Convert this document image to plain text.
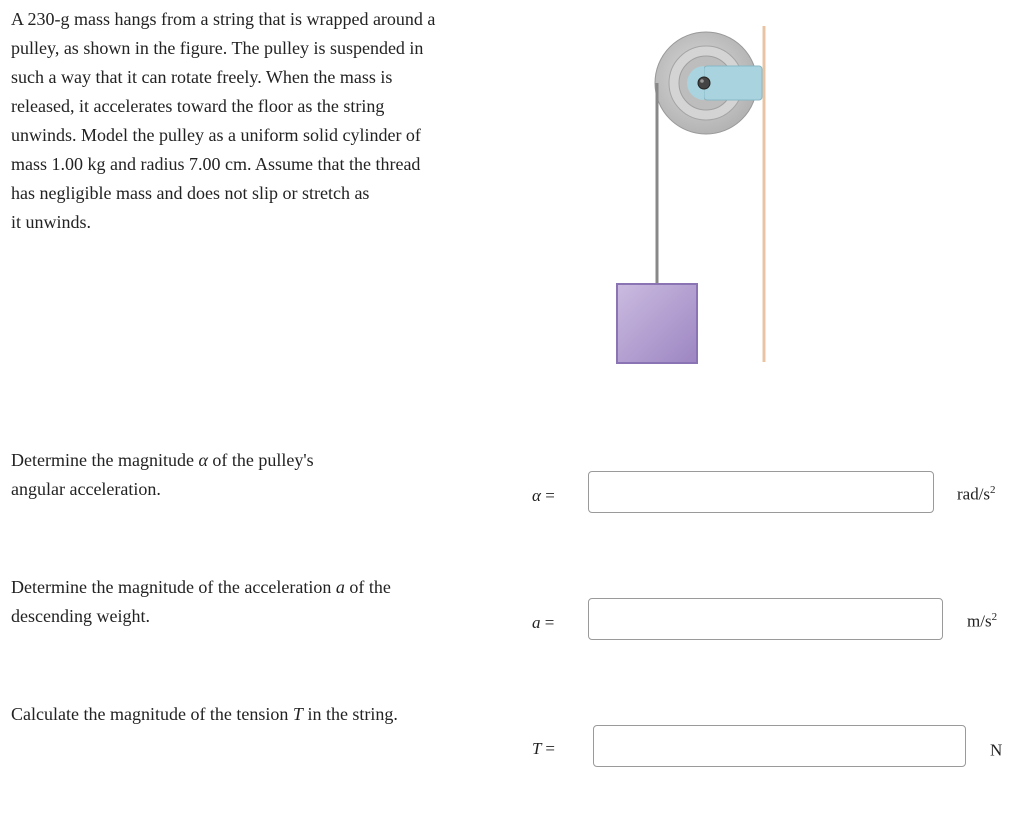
A 230-g mass hangs from a string that is wrapped around a
pulley, as shown in the figure. The pulley is suspended in
such a way that it can rotate freely. When the mass is
released, it accelerates toward the floor as the string
unwinds. Model the pulley as a uniform solid cylinder of
mass 1.00 kg and radius 7.00 cm. Assume that the thread
has negligible mass and does not slip or stretch as
it unwinds.
Determine the magnitude α of the pulley's
angular acceleration.	α =	rad/$s^2$
Determine the magnitude of the acceleration a of the
descending weight.	a =	$m/s^2$
Calculate the magnitude of the tension T in the string.
T =	N
